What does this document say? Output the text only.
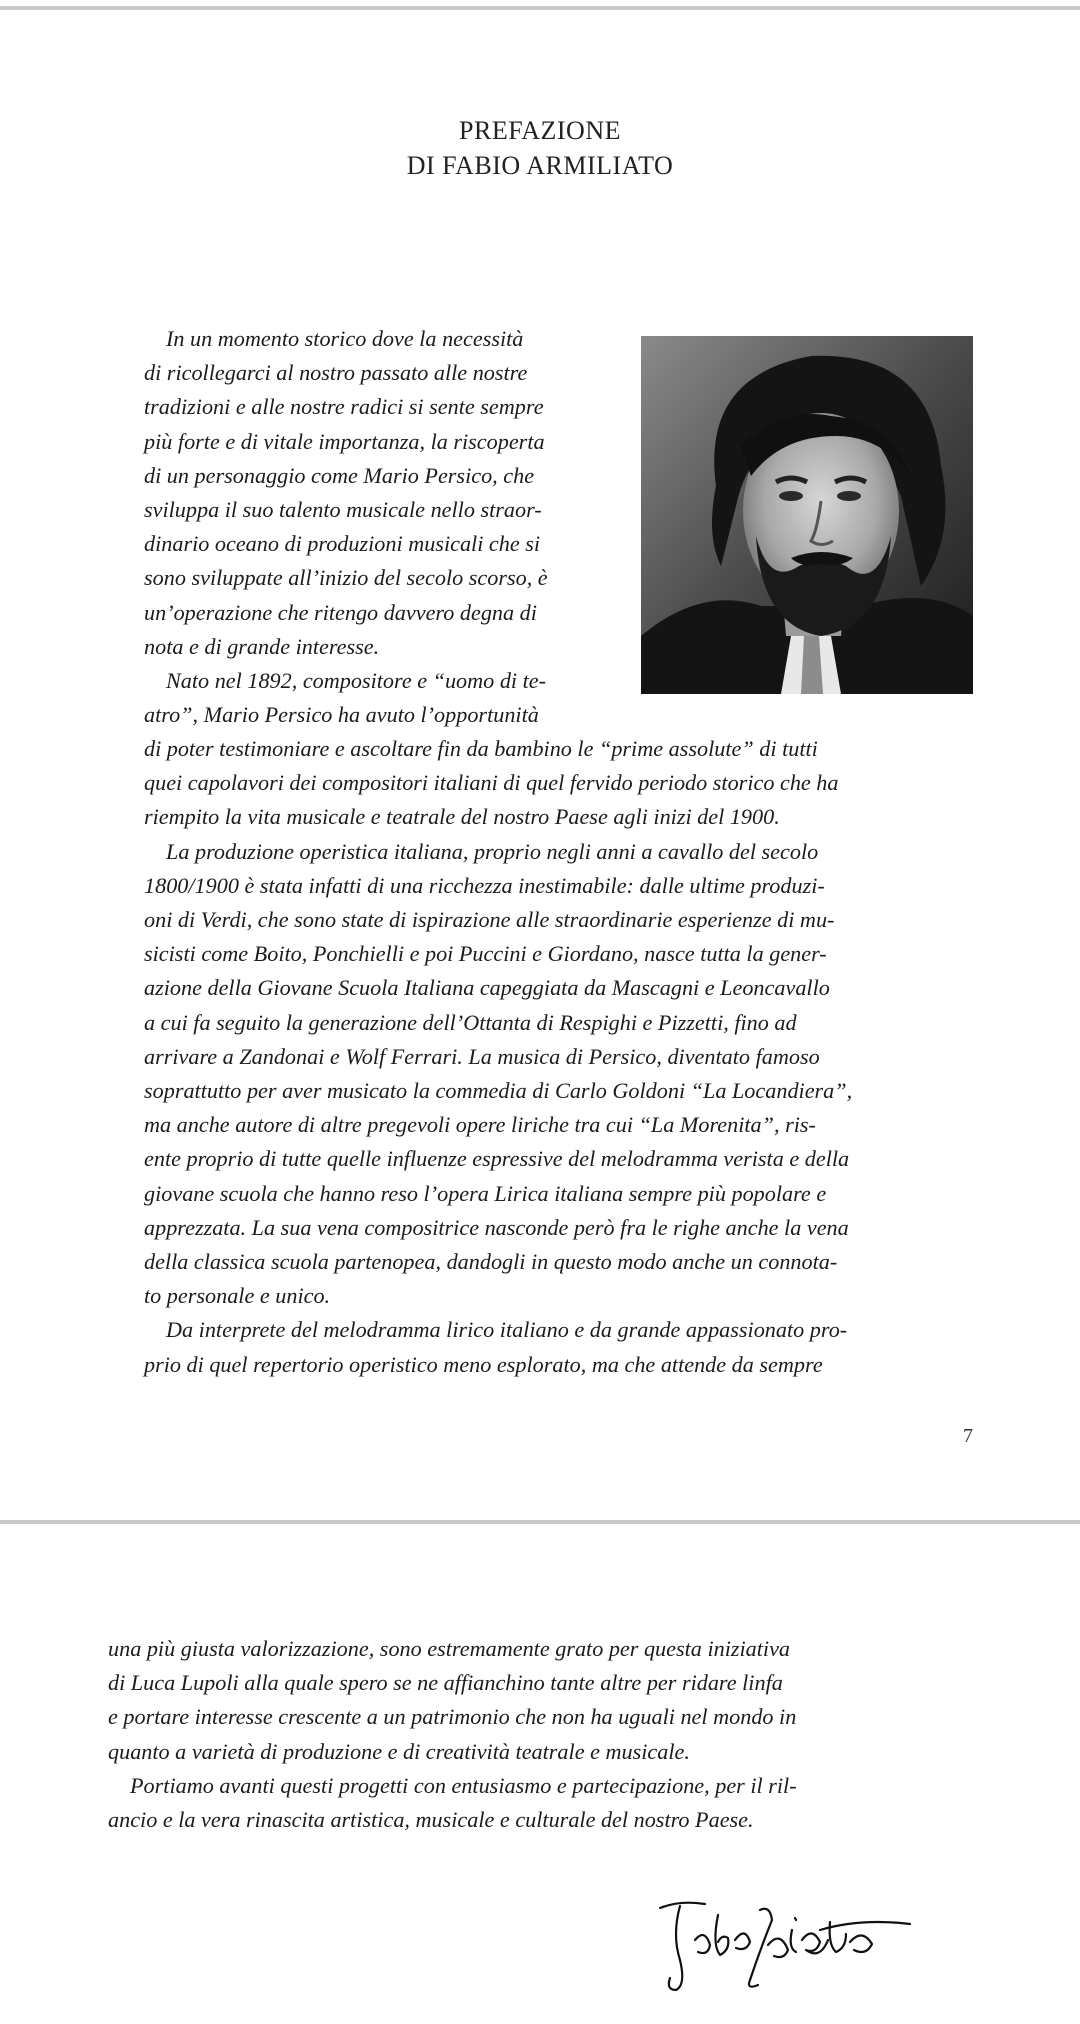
PREFAZIONE
DI FABIO ARMILIATO

In un momento storico dove la necessità

di ricollegarci al nostro passato alle nostre

tradizioni e alle nostre radici si sente sempre

più forte e di vitale importanza, la riscoperta

di un personaggio come Mario Persico, che

sviluppa il suo talento musicale nello straor-

dinario oceano di produzioni musicali che si

sono sviluppate all’inizio del secolo scorso, è

un’operazione che ritengo davvero degna di

nota e di grande interesse.

Nato nel 1892, compositore e “uomo di te-

atro”, Mario Persico ha avuto l’opportunità

di poter testimoniare e ascoltare fin da bambino le “prime assolute” di tutti

quei capolavori dei compositori italiani di quel fervido periodo storico che ha

riempito la vita musicale e teatrale del nostro Paese agli inizi del 1900.

La produzione operistica italiana, proprio negli anni a cavallo del secolo

1800/1900 è stata infatti di una ricchezza inestimabile: dalle ultime produzi-

oni di Verdi, che sono state di ispirazione alle straordinarie esperienze di mu-

sicisti come Boito, Ponchielli e poi Puccini e Giordano, nasce tutta la gener-

azione della Giovane Scuola Italiana capeggiata da Mascagni e Leoncavallo

a cui fa seguito la generazione dell’Ottanta di Respighi e Pizzetti, fino ad

arrivare a Zandonai e Wolf Ferrari. La musica di Persico, diventato famoso

soprattutto per aver musicato la commedia di Carlo Goldoni “La Locandiera”,

ma anche autore di altre pregevoli opere liriche tra cui “La Morenita”, ris-

ente proprio di tutte quelle influenze espressive del melodramma verista e della

giovane scuola che hanno reso l’opera Lirica italiana sempre più popolare e

apprezzata. La sua vena compositrice nasconde però fra le righe anche la vena

della classica scuola partenopea, dandogli in questo modo anche un connota-

to personale e unico.

Da interprete del melodramma lirico italiano e da grande appassionato pro-

prio di quel repertorio operistico meno esplorato, ma che attende da sempre

7

una più giusta valorizzazione, sono estremamente grato per questa iniziativa

di Luca Lupoli alla quale spero se ne affianchino tante altre per ridare linfa

e portare interesse crescente a un patrimonio che non ha uguali nel mondo in

quanto a varietà di produzione e di creatività teatrale e musicale.

Portiamo avanti questi progetti con entusiasmo e partecipazione, per il ril-

ancio e la vera rinascita artistica, musicale e culturale del nostro Paese.
